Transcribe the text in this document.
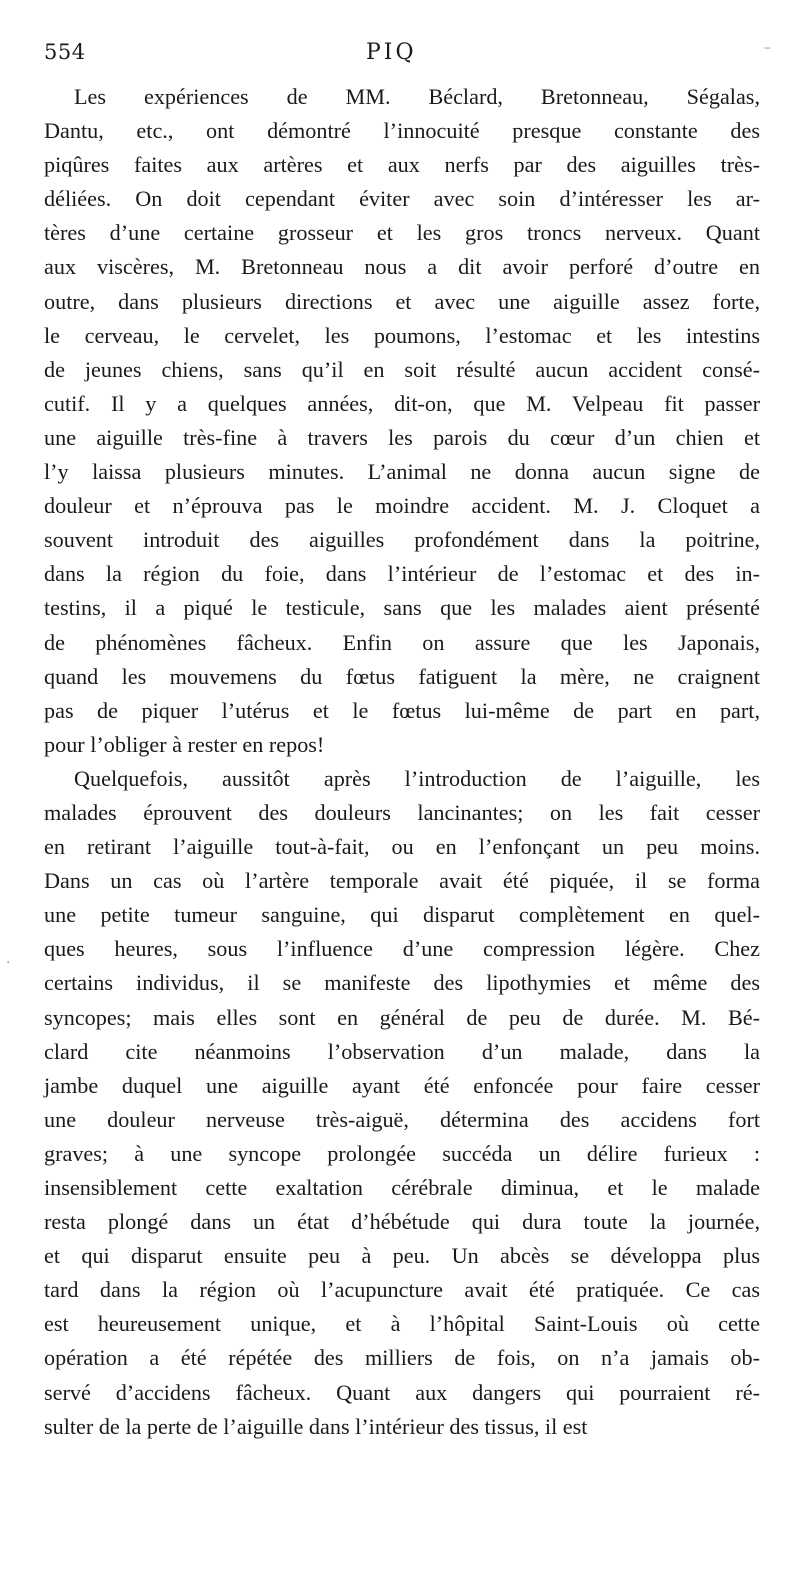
554	PIQ

Les expériences de MM. Béclard, Bretonneau, Ségalas,
Dantu, etc., ont démontré l’innocuité presque constante des
piqûres faites aux artères et aux nerfs par des aiguilles très-
déliées. On doit cependant éviter avec soin d’intéresser les ar-
tères d’une certaine grosseur et les gros troncs nerveux. Quant
aux viscères, M. Bretonneau nous a dit avoir perforé d’outre en
outre, dans plusieurs directions et avec une aiguille assez forte,
le cerveau, le cervelet, les poumons, l’estomac et les intestins
de jeunes chiens, sans qu’il en soit résulté aucun accident consé-
cutif. Il y a quelques années, dit-on, que M. Velpeau fit passer
une aiguille très-fine à travers les parois du cœur d’un chien et
l’y laissa plusieurs minutes. L’animal ne donna aucun signe de
douleur et n’éprouva pas le moindre accident. M. J. Cloquet a
souvent introduit des aiguilles profondément dans la poitrine,
dans la région du foie, dans l’intérieur de l’estomac et des in-
testins, il a piqué le testicule, sans que les malades aient présenté
de phénomènes fâcheux. Enfin on assure que les Japonais,
quand les mouvemens du fœtus fatiguent la mère, ne craignent
pas de piquer l’utérus et le fœtus lui-même de part en part,
pour l’obliger à rester en repos!

Quelquefois, aussitôt après l’introduction de l’aiguille, les
malades éprouvent des douleurs lancinantes; on les fait cesser
en retirant l’aiguille tout-à-fait, ou en l’enfonçant un peu moins.
Dans un cas où l’artère temporale avait été piquée, il se forma
une petite tumeur sanguine, qui disparut complètement en quel-
ques heures, sous l’influence d’une compression légère. Chez
certains individus, il se manifeste des lipothymies et même des
syncopes; mais elles sont en général de peu de durée. M. Bé-
clard cite néanmoins l’observation d’un malade, dans la
jambe duquel une aiguille ayant été enfoncée pour faire cesser
une douleur nerveuse très-aiguë, détermina des accidens fort
graves; à une syncope prolongée succéda un délire furieux :
insensiblement cette exaltation cérébrale diminua, et le malade
resta plongé dans un état d’hébétude qui dura toute la journée,
et qui disparut ensuite peu à peu. Un abcès se développa plus
tard dans la région où l’acupuncture avait été pratiquée. Ce cas
est heureusement unique, et à l’hôpital Saint-Louis où cette
opération a été répétée des milliers de fois, on n’a jamais ob-
servé d’accidens fâcheux. Quant aux dangers qui pourraient ré-
sulter de la perte de l’aiguille dans l’intérieur des tissus, il est

–
·
